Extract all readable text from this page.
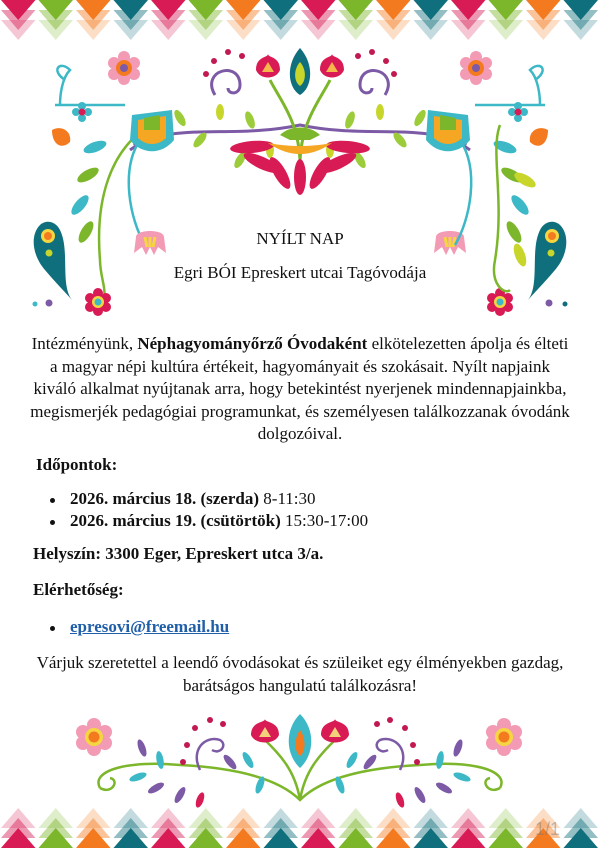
NYÍLT NAP
Egri BÓI Epreskert utcai Tagóvodája
Intézményünk, Néphagyományőrző Óvodaként elkötelezetten ápolja és élteti a magyar népi kultúra értékeit, hagyományait és szokásait. Nyílt napjaink kiváló alkalmat nyújtanak arra, hogy betekintést nyerjenek mindennapjainkba, megismerjék pedagógiai programunkat, és személyesen találkozzanak óvodánk dolgozóival.
Időpontok:
2026. március 18. (szerda) 8-11:30
2026. március 19. (csütörtök) 15:30-17:00
Helyszín: 3300 Eger, Epreskert utca 3/a.
Elérhetőség:
epresovi@freemail.hu
Várjuk szeretettel a leendő óvodásokat és szüleiket egy élményekben gazdag, barátságos hangulatú találkozásra!
1/1
